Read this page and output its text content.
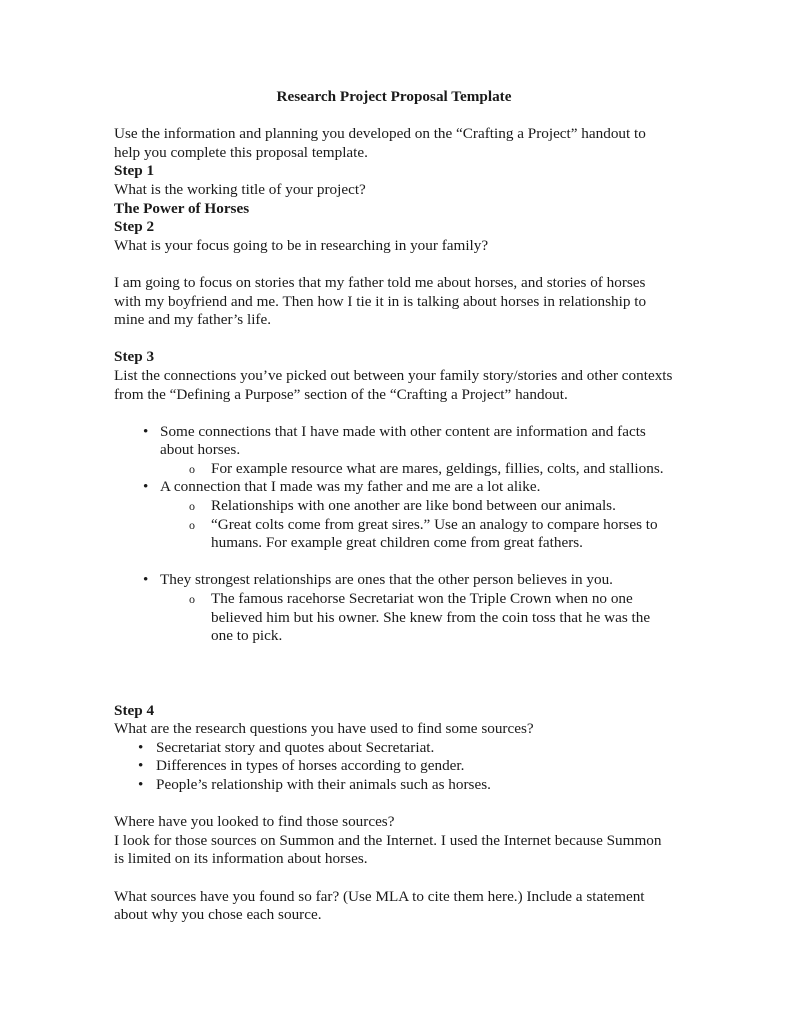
Research Project Proposal Template

Use the information and planning you developed on the “Crafting a Project” handout to help you complete this proposal template.

Step 1

What is the working title of your project?

The Power of Horses

Step 2

What is your focus going to be in researching in your family?

I am going to focus on stories that my father told me about horses, and stories of horses with my boyfriend and me. Then how I tie it in is talking about horses in relationship to mine and my father’s life.

Step 3

List the connections you’ve picked out between your family story/stories and other contexts from the “Defining a Purpose” section of the “Crafting a Project” handout.

• Some connections that I have made with other content are information and facts about horses.
o For example resource what are mares, geldings, fillies, colts, and stallions.
• A connection that I made was my father and me are a lot alike.
o Relationships with one another are like bond between our animals.
o “Great colts come from great sires.” Use an analogy to compare horses to humans. For example great children come from great fathers.
• They strongest relationships are ones that the other person believes in you.
o The famous racehorse Secretariat won the Triple Crown when no one believed him but his owner. She knew from the coin toss that he was the one to pick.

Step 4

What are the research questions you have used to find some sources?

• Secretariat story and quotes about Secretariat.
• Differences in types of horses according to gender.
• People’s relationship with their animals such as horses.

Where have you looked to find those sources?

I look for those sources on Summon and the Internet. I used the Internet because Summon is limited on its information about horses.

What sources have you found so far? (Use MLA to cite them here.) Include a statement about why you chose each source.
